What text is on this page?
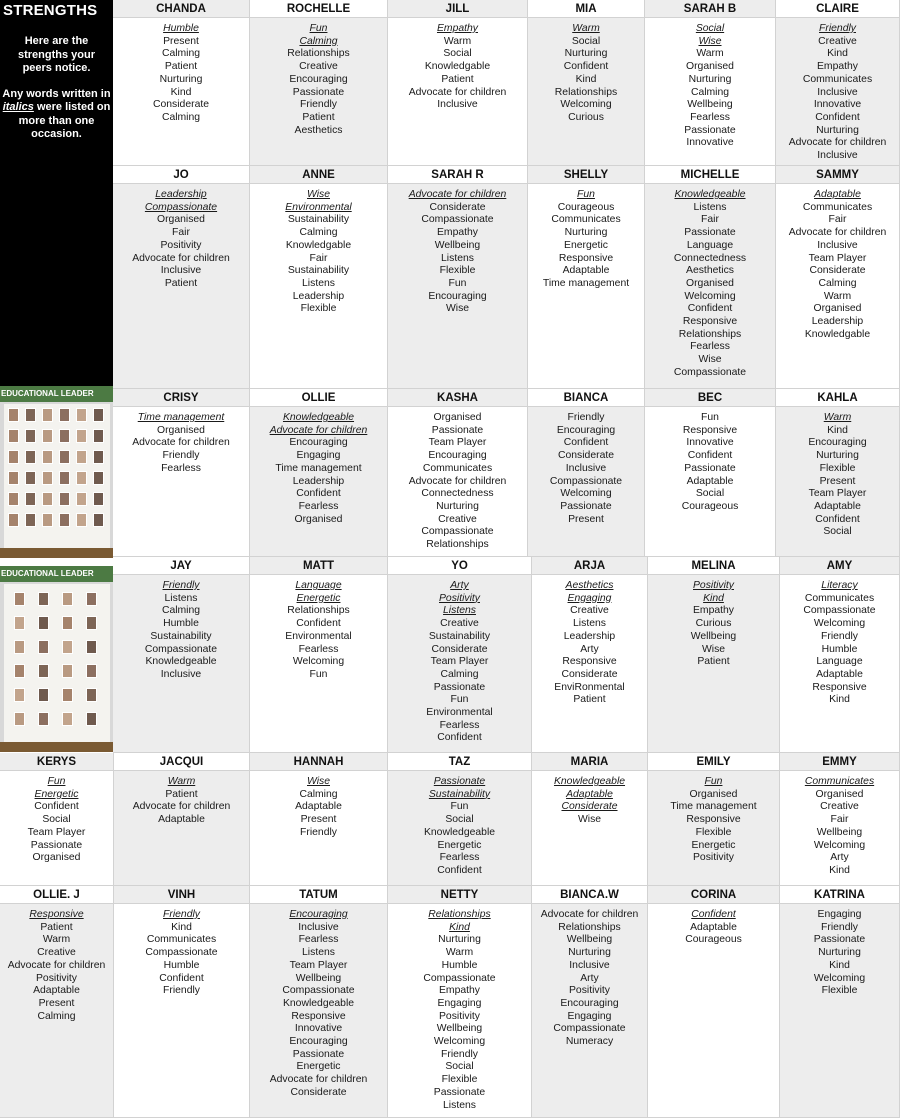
STRENGTHS
Here are the strengths your peers notice.
Any words written in italics were listed on more than one occasion.
EDUCATIONAL LEADER
EDUCATIONAL LEADER
CHANDA
Humble
Present
Calming
Patient
Nurturing
Kind
Considerate
Calming
ROCHELLE
Fun
Calming
Relationships
Creative
Encouraging
Passionate
Friendly
Patient
Aesthetics
JILL
Empathy
Warm
Social
Knowledgable
Patient
Advocate for children
Inclusive
MIA
Warm
Social
Nurturing
Confident
Kind
Relationships
Welcoming
Curious
SARAH B
Social
Wise
Warm
Organised
Nurturing
Calming
Wellbeing
Fearless
Passionate
Innovative
CLAIRE
Friendly
Creative
Kind
Empathy
Communicates
Inclusive
Innovative
Confident
Nurturing
Advocate for children
Inclusive
JO
Leadership
Compassionate
Organised
Fair
Positivity
Advocate for children
Inclusive
Patient
ANNE
Wise
Environmental
Sustainability
Calming
Knowledgable
Fair
Sustainability
Listens
Leadership
Flexible
SARAH R
Advocate for children
Considerate
Compassionate
Empathy
Wellbeing
Listens
Flexible
Fun
Encouraging
Wise
SHELLY
Fun
Courageous
Communicates
Nurturing
Energetic
Responsive
Adaptable
Time management
MICHELLE
Knowledgeable
Listens
Fair
Passionate
Language
Connectedness
Aesthetics
Organised
Welcoming
Confident
Responsive
Relationships
Fearless
Wise
Compassionate
SAMMY
Adaptable
Communicates
Fair
Advocate for children
Inclusive
Team Player
Considerate
Calming
Warm
Organised
Leadership
Knowledgable
CRISY
Time management
Organised
Advocate for children
Friendly
Fearless
OLLIE
Knowledgeable
Advocate for children
Encouraging
Engaging
Time management
Leadership
Confident
Fearless
Organised
KASHA
Organised
Passionate
Team Player
Encouraging
Communicates
Advocate for children
Connectedness
Nurturing
Creative
Compassionate
Relationships
BIANCA
Friendly
Encouraging
Confident
Considerate
Inclusive
Compassionate
Welcoming
Passionate
Present
BEC
Fun
Responsive
Innovative
Confident
Passionate
Adaptable
Social
Courageous
KAHLA
Warm
Kind
Encouraging
Nurturing
Flexible
Present
Team Player
Adaptable
Confident
Social
JAY
Friendly
Listens
Calming
Humble
Sustainability
Compassionate
Knowledgeable
Inclusive
MATT
Language
Energetic
Relationships
Confident
Environmental
Fearless
Welcoming
Fun
YO
Arty
Positivity
Listens
Creative
Sustainability
Considerate
Team Player
Calming
Passionate
Fun
Environmental
Fearless
Confident
ARJA
Aesthetics
Engaging
Creative
Listens
Leadership
Arty
Responsive
Considerate
EnviRonmental
Patient
MELINA
Positivity
Kind
Empathy
Curious
Wellbeing
Wise
Patient
AMY
Literacy
Communicates
Compassionate
Welcoming
Friendly
Humble
Language
Adaptable
Responsive
Kind
KERYS
Fun
Energetic
Confident
Social
Team Player
Passionate
Organised
JACQUI
Warm
Patient
Advocate for children
Adaptable
HANNAH
Wise
Calming
Adaptable
Present
Friendly
TAZ
Passionate
Sustainability
Fun
Social
Knowledgeable
Energetic
Fearless
Confident
MARIA
Knowledgeable
Adaptable
Considerate
Wise
EMILY
Fun
Organised
Time management
Responsive
Flexible
Energetic
Positivity
EMMY
Communicates
Organised
Creative
Fair
Wellbeing
Welcoming
Arty
Kind
OLLIE. J
Responsive
Patient
Warm
Creative
Advocate for children
Positivity
Adaptable
Present
Calming
VINH
Friendly
Kind
Communicates
Compassionate
Humble
Confident
Friendly
TATUM
Encouraging
Inclusive
Fearless
Listens
Team Player
Wellbeing
Compassionate
Knowledgeable
Responsive
Innovative
Encouraging
Passionate
Energetic
Advocate for children
Considerate
NETTY
Relationships
Kind
Nurturing
Warm
Humble
Compassionate
Empathy
Engaging
Positivity
Wellbeing
Welcoming
Friendly
Social
Flexible
Passionate
Listens
BIANCA.W
Advocate for children
Relationships
Wellbeing
Nurturing
Inclusive
Arty
Positivity
Encouraging
Engaging
Compassionate
Numeracy
CORINA
Confident
Adaptable
Courageous
KATRINA
Engaging
Friendly
Passionate
Nurturing
Kind
Welcoming
Flexible
